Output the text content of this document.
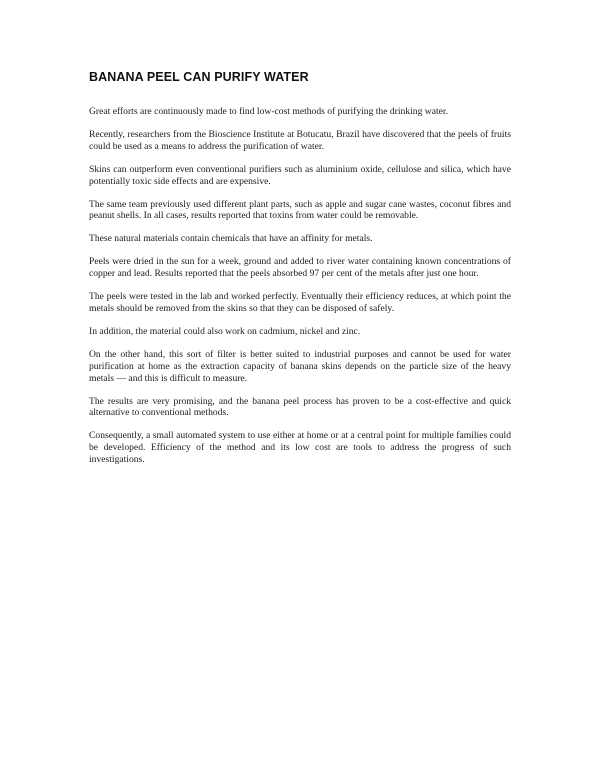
BANANA PEEL CAN PURIFY WATER

Great efforts are continuously made to find low-cost methods of purifying the drinking water.

Recently, researchers from the Bioscience Institute at Botucatu, Brazil have discovered that the peels of fruits could be used as a means to address the purification of water.

Skins can outperform even conventional purifiers such as aluminium oxide, cellulose and silica, which have potentially toxic side effects and are expensive.

The same team previously used different plant parts, such as apple and sugar cane wastes, coconut fibres and peanut shells. In all cases, results reported that toxins from water could be removable.

These natural materials contain chemicals that have an affinity for metals.

Peels were dried in the sun for a week, ground and added to river water containing known concentrations of copper and lead. Results reported that the peels absorbed 97 per cent of the metals after just one hour.

The peels were tested in the lab and worked perfectly. Eventually their efficiency reduces, at which point the metals should be removed from the skins so that they can be disposed of safely.

In addition, the material could also work on cadmium, nickel and zinc.

On the other hand, this sort of filter is better suited to industrial purposes and cannot be used for water purification at home as the extraction capacity of banana skins depends on the particle size of the heavy metals — and this is difficult to measure.

The results are very promising, and the banana peel process has proven to be a cost-effective and quick alternative to conventional methods.

Consequently, a small automated system to use either at home or at a central point for multiple families could be developed. Efficiency of the method and its low cost are tools to address the progress of such investigations.
